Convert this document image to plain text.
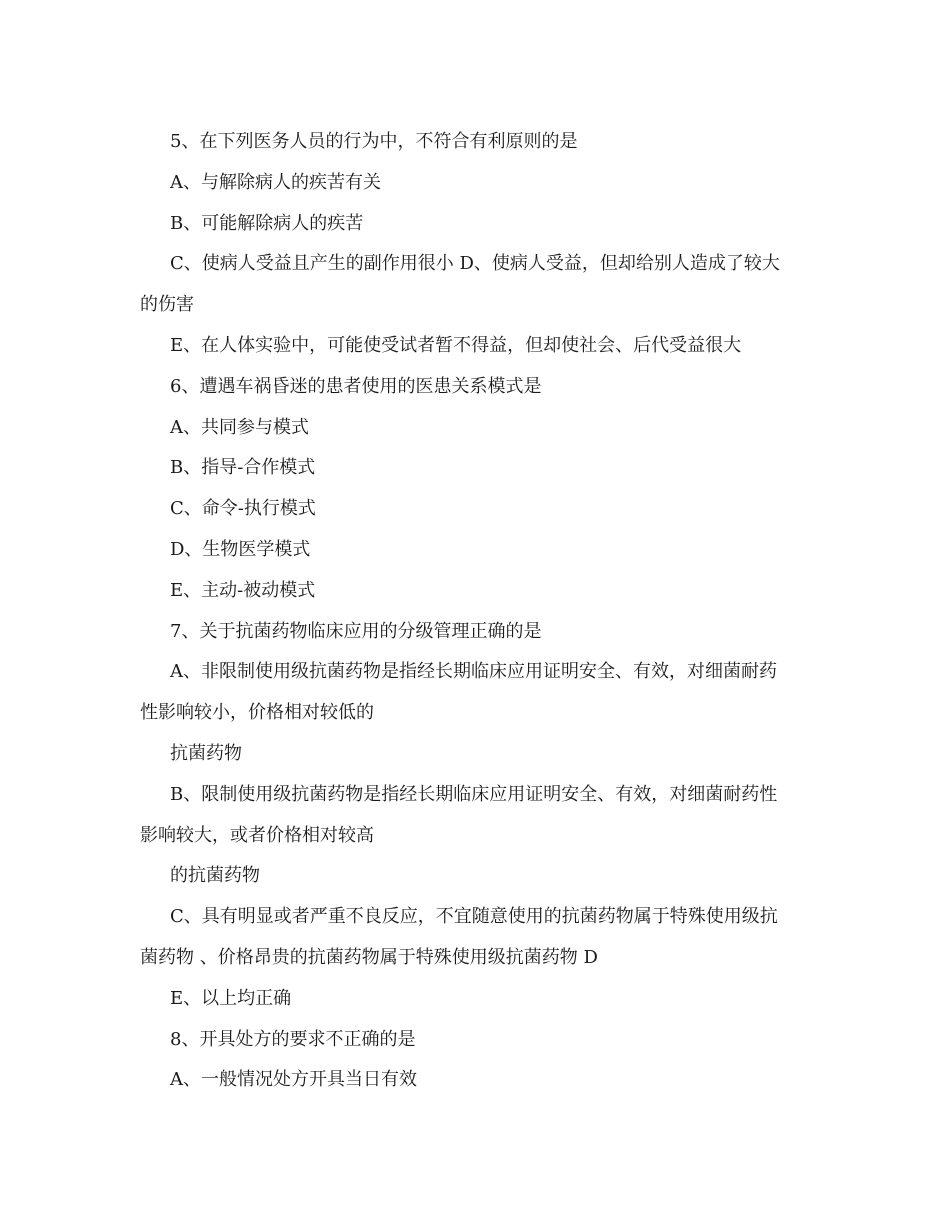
5、在下列医务人员的行为中，不符合有利原则的是
A、与解除病人的疾苦有关
B、可能解除病人的疾苦
C、使病人受益且产生的副作用很小 D、使病人受益，但却给别人造成了较大
的伤害
E、在人体实验中，可能使受试者暂不得益，但却使社会、后代受益很大
6、遭遇车祸昏迷的患者使用的医患关系模式是
A、共同参与模式
B、指导-合作模式
C、命令-执行模式
D、生物医学模式
E、主动-被动模式
7、关于抗菌药物临床应用的分级管理正确的是
A、非限制使用级抗菌药物是指经长期临床应用证明安全、有效，对细菌耐药
性影响较小，价格相对较低的
抗菌药物
B、限制使用级抗菌药物是指经长期临床应用证明安全、有效，对细菌耐药性
影响较大，或者价格相对较高
的抗菌药物
C、具有明显或者严重不良反应，不宜随意使用的抗菌药物属于特殊使用级抗
菌药物 、价格昂贵的抗菌药物属于特殊使用级抗菌药物 D
E、以上均正确
8、开具处方的要求不正确的是
A、一般情况处方开具当日有效
